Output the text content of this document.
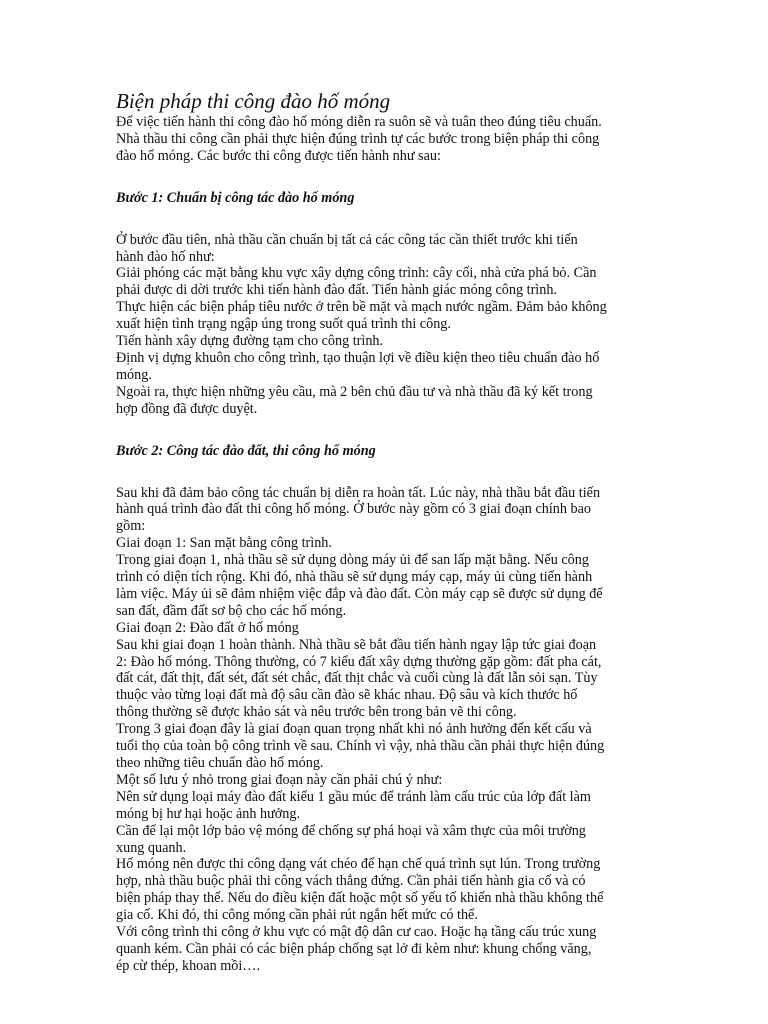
Biện pháp thi công đào hố móng

Để việc tiến hành thi công đào hố móng diễn ra suôn sẽ và tuân theo đúng tiêu chuẩn.

Nhà thầu thi công cần phải thực hiện đúng trình tự các bước trong biện pháp thi công

đào hố móng. Các bước thi công được tiến hành như sau:

Bước 1: Chuẩn bị công tác đào hố móng

Ở bước đầu tiên, nhà thầu cần chuẩn bị tất cả các công tác cần thiết trước khi tiến

hành đào hố như:

Giải phóng các mặt bằng khu vực xây dựng công trình: cây cối, nhà cửa phá bỏ. Cần

phải được di dời trước khi tiến hành đào đất. Tiến hành giác móng công trình.

Thực hiện các biện pháp tiêu nước ở trên bề mặt và mạch nước ngầm. Đảm bảo không

xuất hiện tình trạng ngập úng trong suốt quá trình thi công.

Tiến hành xây dựng đường tạm cho công trình.

Định vị dựng khuôn cho công trình, tạo thuận lợi về điều kiện theo tiêu chuẩn đào hố

móng.

Ngoài ra, thực hiện những yêu cầu, mà 2 bên chủ đầu tư và nhà thầu đã ký kết trong

hợp đồng đã được duyệt.

Bước 2: Công tác đào đất, thi công hố móng

Sau khi đã đảm bảo công tác chuẩn bị diễn ra hoàn tất. Lúc này, nhà thầu bắt đầu tiến

hành quá trình đào đất thi công hố móng. Ở bước này gồm có 3 giai đoạn chính bao

gồm:

Giai đoạn 1: San mặt bằng công trình.

Trong giai đoạn 1, nhà thầu sẽ sử dụng dòng máy ủi để san lấp mặt bằng. Nếu công

trình có diện tích rộng. Khi đó, nhà thầu sẽ sử dụng máy cạp, máy ủi cùng tiến hành

làm việc. Máy ủi sẽ đảm nhiệm việc đắp và đào đất. Còn máy cạp sẽ được sử dụng để

san đất, đầm đất sơ bộ cho các hố móng.

Giai đoạn 2: Đào đất ở hố móng

Sau khi giai đoạn 1 hoàn thành. Nhà thầu sẽ bắt đầu tiến hành ngay lập tức giai đoạn

2: Đào hố móng. Thông thường, có 7 kiểu đất xây dựng thường gặp gồm: đất pha cát,

đất cát, đất thịt, đất sét, đất sét chắc, đất thịt chắc và cuối cùng là đất lẫn sỏi sạn. Tùy

thuộc vào từng loại đất mà độ sâu cần đào sẽ khác nhau. Độ sâu và kích thước hố

thông thường sẽ được khảo sát và nêu trước bên trong bản vẽ thi công.

Trong 3 giai đoạn đây là giai đoạn quan trọng nhất khi nó ảnh hưởng đến kết cấu và

tuổi thọ của toàn bộ công trình về sau. Chính vì vậy, nhà thầu cần phải thực hiện đúng

theo những tiêu chuẩn đào hố móng.

Một số lưu ý nhỏ trong giai đoạn này cần phải chú ý như:

Nên sử dụng loại máy đào đất kiểu 1 gầu múc để tránh làm cấu trúc của lớp đất làm

móng bị hư hại hoặc ảnh hưởng.

Cần để lại một lớp bảo vệ móng để chống sự phá hoại và xâm thực của môi trường

xung quanh.

Hố móng nên được thi công dạng vát chéo để hạn chế quá trình sụt lún. Trong trường

hợp, nhà thầu buộc phải thi công vách thẳng đứng. Cần phải tiến hành gia cố và có

biện pháp thay thế. Nếu do điều kiện đất hoặc một số yếu tố khiến nhà thầu không thể

gia cố. Khi đó, thi công móng cần phải rút ngắn hết mức có thể.

Với công trình thi công ở khu vực có mật độ dân cư cao. Hoặc hạ tầng cấu trúc xung

quanh kém. Cần phải có các biện pháp chống sạt lở đi kèm như: khung chống văng,

ép cừ thép, khoan mồi….
